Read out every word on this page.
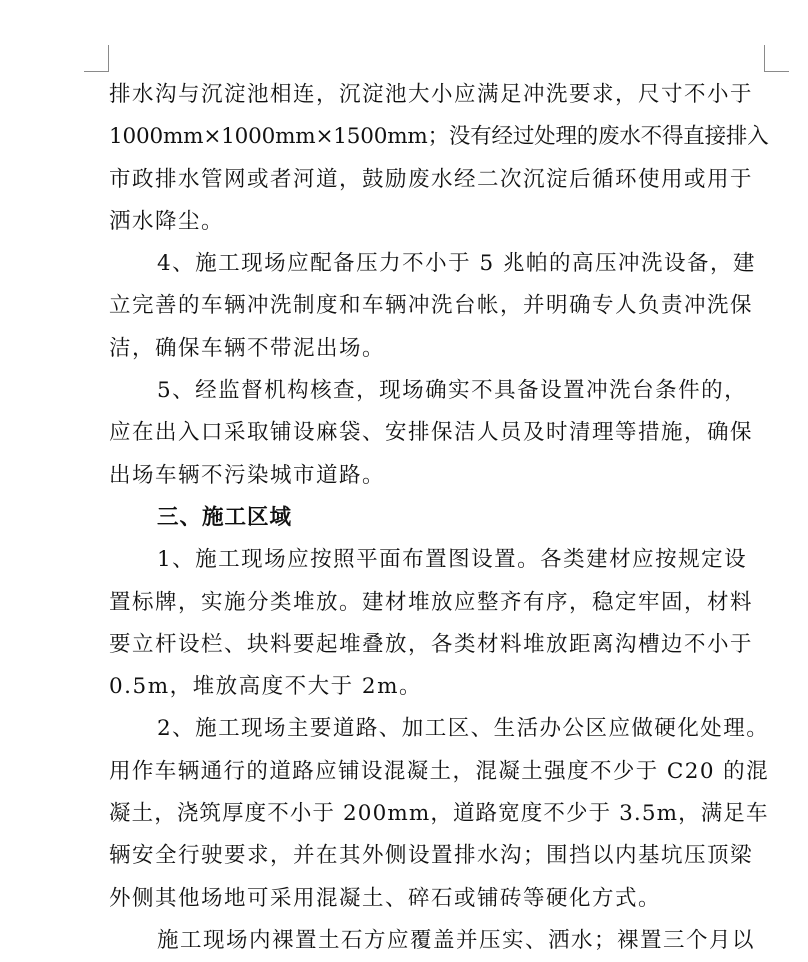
排水沟与沉淀池相连，沉淀池大小应满足冲洗要求，尺寸不小于
1000mm×1000mm×1500mm；没有经过处理的废水不得直接排入
市政排水管网或者河道，鼓励废水经二次沉淀后循环使用或用于
洒水降尘。
4、施工现场应配备压力不小于 5 兆帕的高压冲洗设备，建
立完善的车辆冲洗制度和车辆冲洗台帐，并明确专人负责冲洗保
洁，确保车辆不带泥出场。
5、经监督机构核查，现场确实不具备设置冲洗台条件的，
应在出入口采取铺设麻袋、安排保洁人员及时清理等措施，确保
出场车辆不污染城市道路。
三、施工区域
1、施工现场应按照平面布置图设置。各类建材应按规定设
置标牌，实施分类堆放。建材堆放应整齐有序，稳定牢固，材料
要立杆设栏、块料要起堆叠放，各类材料堆放距离沟槽边不小于
0.5m，堆放高度不大于 2m。
2、施工现场主要道路、加工区、生活办公区应做硬化处理。
用作车辆通行的道路应铺设混凝土，混凝土强度不少于 C20 的混
凝土，浇筑厚度不小于 200mm，道路宽度不少于 3.5m，满足车
辆安全行驶要求，并在其外侧设置排水沟；围挡以内基坑压顶梁
外侧其他场地可采用混凝土、碎石或铺砖等硬化方式。
施工现场内裸置土石方应覆盖并压实、洒水；裸置三个月以
